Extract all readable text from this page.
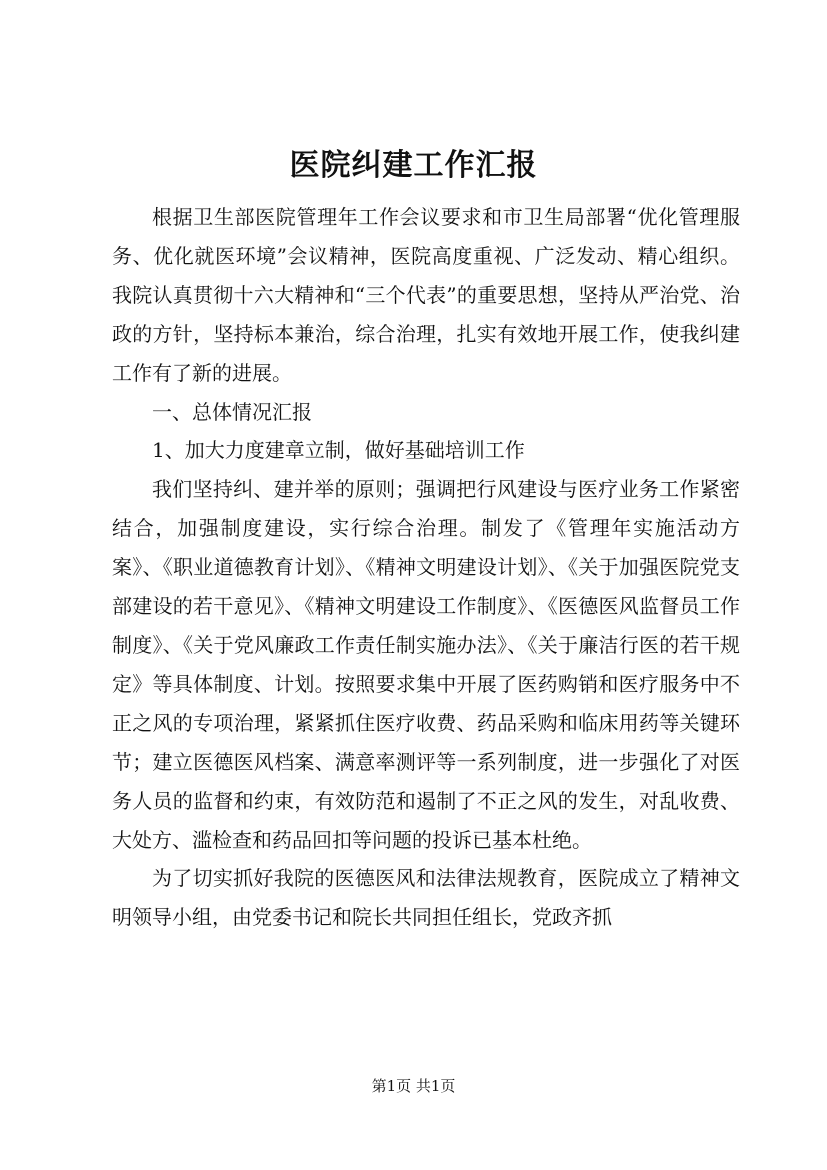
医院纠建工作汇报

根据卫生部医院管理年工作会议要求和市卫生局部署“优化管理服务、优化就医环境”会议精神，医院高度重视、广泛发动、精心组织。我院认真贯彻十六大精神和“三个代表”的重要思想，坚持从严治党、治政的方针，坚持标本兼治，综合治理，扎实有效地开展工作，使我纠建工作有了新的进展。

一、总体情况汇报

1、加大力度建章立制，做好基础培训工作

我们坚持纠、建并举的原则；强调把行风建设与医疗业务工作紧密结合，加强制度建设，实行综合治理。制发了《管理年实施活动方案》、《职业道德教育计划》、《精神文明建设计划》、《关于加强医院党支部建设的若干意见》、《精神文明建设工作制度》、《医德医风监督员工作制度》、《关于党风廉政工作责任制实施办法》、《关于廉洁行医的若干规定》等具体制度、计划。按照要求集中开展了医药购销和医疗服务中不正之风的专项治理，紧紧抓住医疗收费、药品采购和临床用药等关键环节；建立医德医风档案、满意率测评等一系列制度，进一步强化了对医务人员的监督和约束，有效防范和遏制了不正之风的发生，对乱收费、大处方、滥检查和药品回扣等问题的投诉已基本杜绝。

为了切实抓好我院的医德医风和法律法规教育，医院成立了精神文明领导小组，由党委书记和院长共同担任组长，党政齐抓

第1页 共1页
